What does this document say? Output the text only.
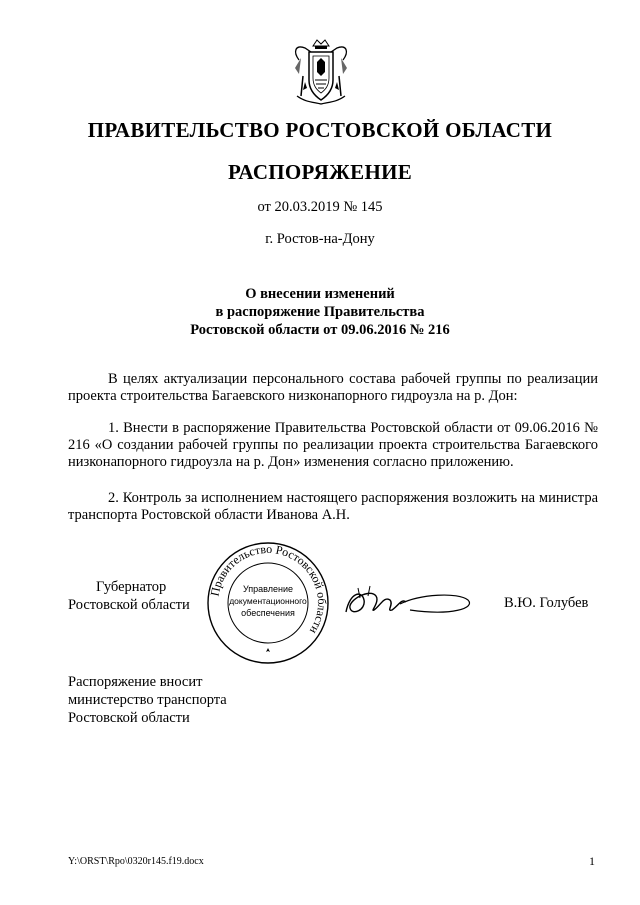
ПРАВИТЕЛЬСТВО РОСТОВСКОЙ ОБЛАСТИ
РАСПОРЯЖЕНИЕ
от 20.03.2019 № 145
г. Ростов-на-Дону
О внесении изменений
в распоряжение Правительства
Ростовской области от 09.06.2016 № 216
В целях актуализации персонального состава рабочей группы по реализации проекта строительства Багаевского низконапорного гидроузла на р. Дон:
1. Внести в распоряжение Правительства Ростовской области от 09.06.2016 № 216 «О создании рабочей группы по реализации проекта строительства Багаевского низконапорного гидроузла на р. Дон» изменения согласно приложению.
2. Контроль за исполнением настоящего распоряжения возложить на министра транспорта Ростовской области Иванова А.Н.
Губернатор
Ростовской области
Правительство Ростовской области
Управление
документационного
обеспечения
В.Ю. Голубев
Распоряжение вносит
министерство транспорта
Ростовской области
Y:\ORST\Rpo\0320r145.f19.docx	1
